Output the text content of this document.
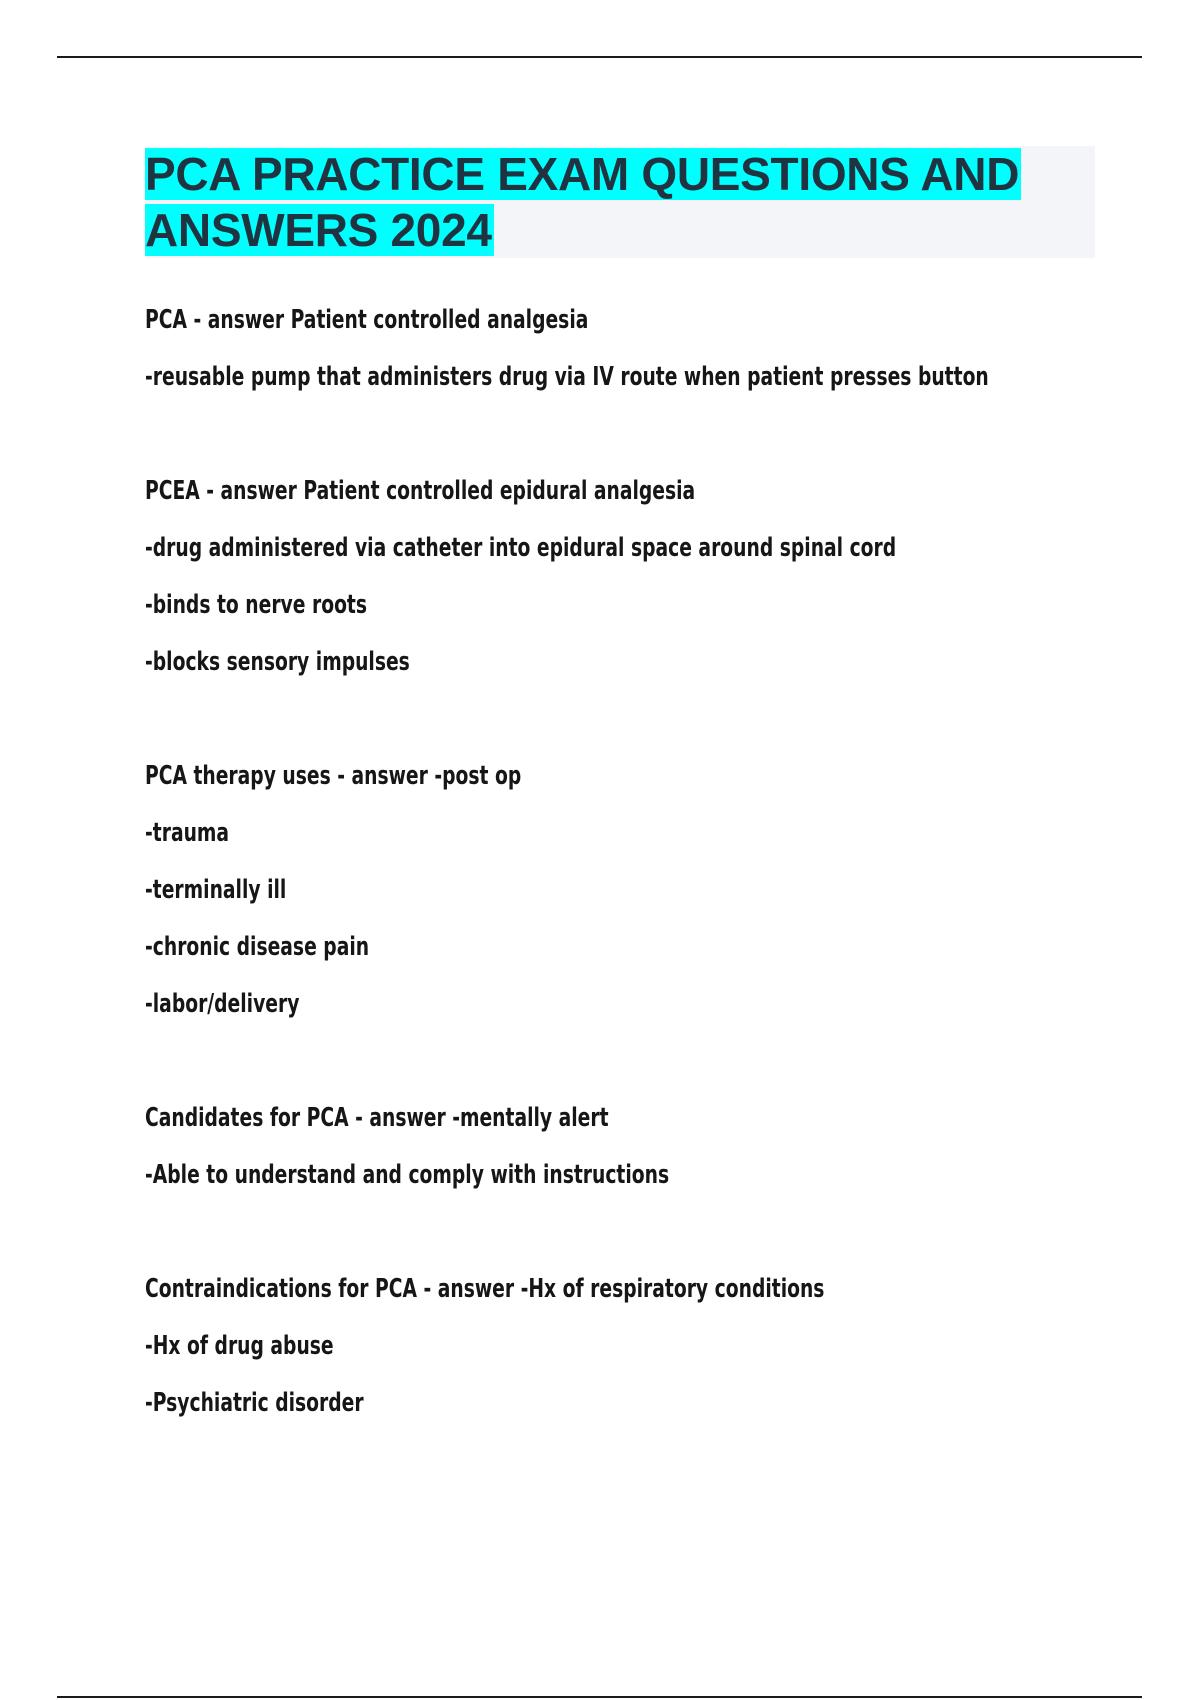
PCA PRACTICE EXAM QUESTIONS AND
ANSWERS 2024
PCA - answer Patient controlled analgesia
-reusable pump that administers drug via IV route when patient presses button
PCEA - answer Patient controlled epidural analgesia
-drug administered via catheter into epidural space around spinal cord
-binds to nerve roots
-blocks sensory impulses
PCA therapy uses - answer -post op
-trauma
-terminally ill
-chronic disease pain
-labor/delivery
Candidates for PCA - answer -mentally alert
-Able to understand and comply with instructions
Contraindications for PCA - answer -Hx of respiratory conditions
-Hx of drug abuse
-Psychiatric disorder
